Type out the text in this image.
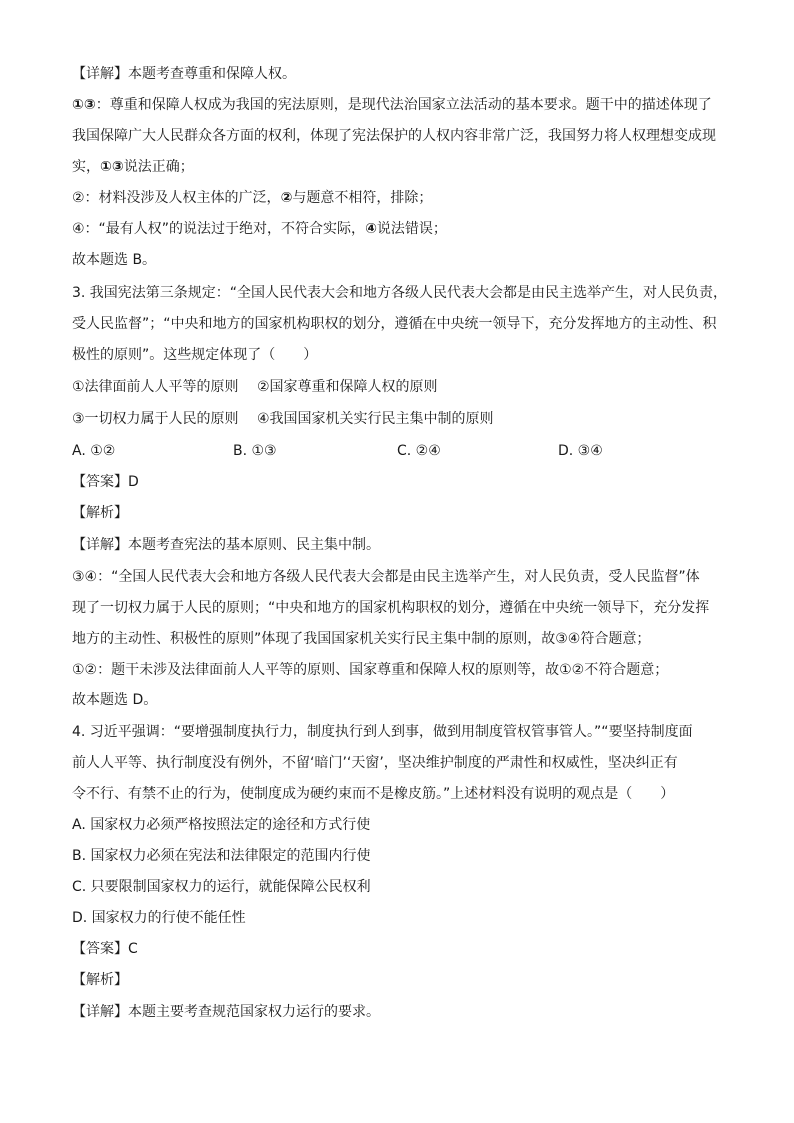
【详解】本题考查尊重和保障人权。
①③：尊重和保障人权成为我国的宪法原则，是现代法治国家立法活动的基本要求。题干中的描述体现了
我国保障广大人民群众各方面的权利，体现了宪法保护的人权内容非常广泛，我国努力将人权理想变成现
实，①③说法正确；
②：材料没涉及人权主体的广泛，②与题意不相符，排除；
④：“最有人权”的说法过于绝对，不符合实际，④说法错误；
故本题选 B。
3. 我国宪法第三条规定：“全国人民代表大会和地方各级人民代表大会都是由民主选举产生，对人民负责，
受人民监督”；“中央和地方的国家机构职权的划分，遵循在中央统一领导下，充分发挥地方的主动性、积
极性的原则”。这些规定体现了（　　）
①法律面前人人平等的原则　 ②国家尊重和保障人权的原则
③一切权力属于人民的原则　 ④我国国家机关实行民主集中制的原则
A. ①②	B. ①③	C. ②④	D. ③④
【答案】D
【解析】
【详解】本题考查宪法的基本原则、民主集中制。
③④：“全国人民代表大会和地方各级人民代表大会都是由民主选举产生，对人民负责，受人民监督”体
现了一切权力属于人民的原则；“中央和地方的国家机构职权的划分，遵循在中央统一领导下，充分发挥
地方的主动性、积极性的原则”体现了我国国家机关实行民主集中制的原则，故③④符合题意；
①②：题干未涉及法律面前人人平等的原则、国家尊重和保障人权的原则等，故①②不符合题意；
故本题选 D。
4. 习近平强调：“要增强制度执行力，制度执行到人到事，做到用制度管权管事管人。”“要坚持制度面
前人人平等、执行制度没有例外，不留‘暗门’‘天窗’，坚决维护制度的严肃性和权威性，坚决纠正有
令不行、有禁不止的行为，使制度成为硬约束而不是橡皮筋。”上述材料没有说明的观点是（　　）
A. 国家权力必须严格按照法定的途径和方式行使
B. 国家权力必须在宪法和法律限定的范围内行使
C. 只要限制国家权力的运行，就能保障公民权利
D. 国家权力的行使不能任性
【答案】C
【解析】
【详解】本题主要考查规范国家权力运行的要求。
